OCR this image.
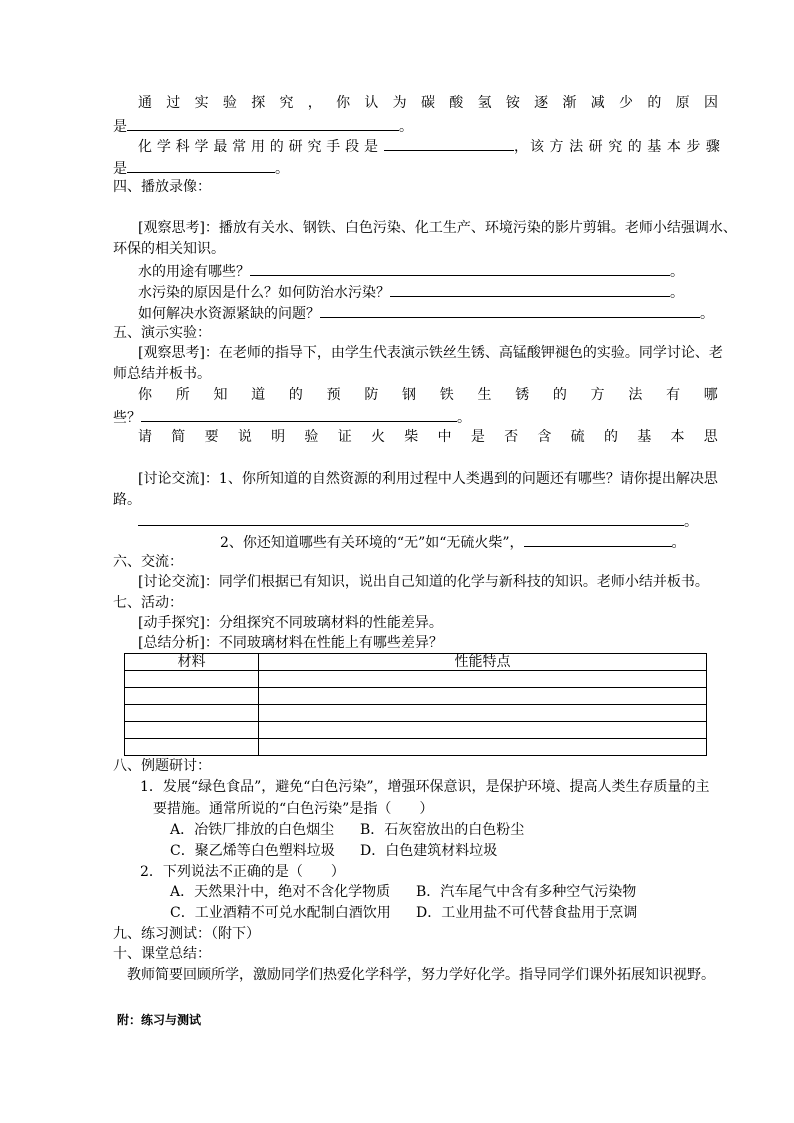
通 过 实 验 探 究 ， 你 认 为 碳 酸 氢 铵 逐 渐 减 少 的 原 因
是	。
化 学 科 学 最 常 用 的 研 究 手 段 是	， 该 方 法 研 究 的 基 本 步 骤
是	。
四、播放录像：
[观察思考]：播放有关水、钢铁、白色污染、化工生产、环境污染的影片剪辑。老师小结强调水、
环保的相关知识。
水的用途有哪些？	。
水污染的原因是什么？如何防治水污染？	。
如何解决水资源紧缺的问题？	。
五、演示实验：
[观察思考]：在老师的指导下，由学生代表演示铁丝生锈、高锰酸钾褪色的实验。同学讨论、老
师总结并板书。
你 所 知 道 的 预 防 钢 铁 生 锈 的 方 法 有 哪
些？	。
请 简 要 说 明 验 证 火 柴 中 是 否 含 硫 的 基 本 思
[讨论交流]：1、你所知道的自然资源的利用过程中人类遇到的问题还有哪些？请你提出解决思
路。
。
2、你还知道哪些有关环境的“无”如“无硫火柴”，	。
六、交流：
[讨论交流]：同学们根据已有知识，说出自己知道的化学与新科技的知识。老师小结并板书。
七、活动：
[动手探究]：分组探究不同玻璃材料的性能差异。
[总结分析]：不同玻璃材料在性能上有哪些差异？
材料	性能特点

八、例题研讨：
1．发展“绿色食品”，避免“白色污染”，增强环保意识，是保护环境、提高人类生存质量的主
要措施。通常所说的“白色污染”是指（　　）
A．冶铁厂排放的白色烟尘 B．石灰窑放出的白色粉尘
C．聚乙烯等白色塑料垃圾 D．白色建筑材料垃圾
2．下列说法不正确的是（　　）
A．天然果汁中，绝对不含化学物质 B．汽车尾气中含有多种空气污染物
C．工业酒精不可兑水配制白酒饮用 D．工业用盐不可代替食盐用于烹调
九、练习测试：（附下）
十、课堂总结：
教师简要回顾所学，激励同学们热爱化学科学，努力学好化学。指导同学们课外拓展知识视野。
附：练习与测试
